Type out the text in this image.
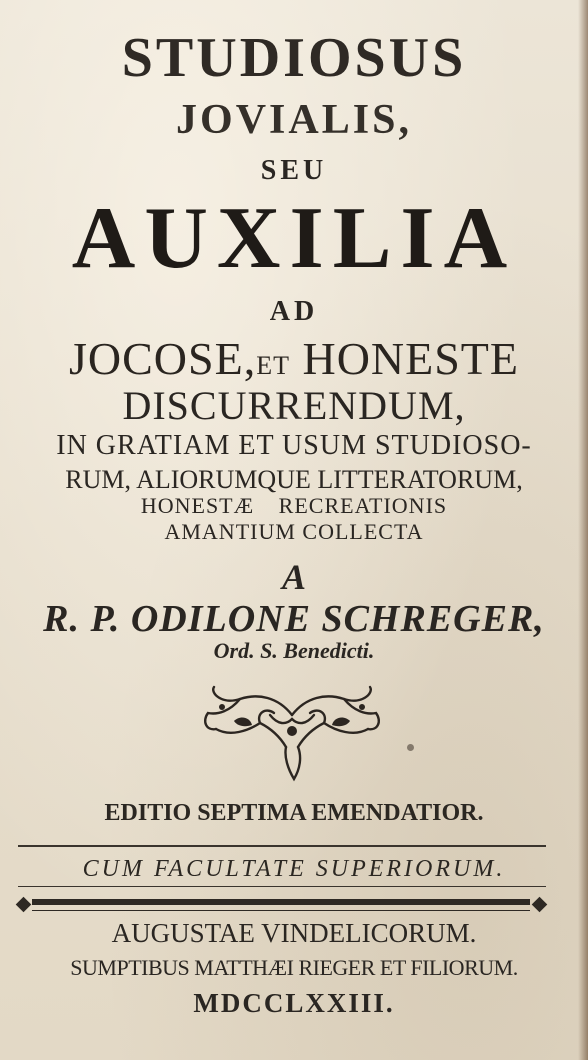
STUDIOSUS
JOVIALIS,
SEU
AUXILIA
AD
JOCOSE,ET HONESTE
DISCURRENDUM,
IN GRATIAM ET USUM STUDIOSO-
RUM, ALIORUMQUE LITTERATORUM,
HONESTÆ RECREATIONIS
AMANTIUM COLLECTA
A
R. P. ODILONE SCHREGER,
Ord. S. Benedicti.
EDITIO SEPTIMA EMENDATIOR.
CUM FACULTATE SUPERIORUM.
AUGUSTAE VINDELICORUM.
SUMPTIBUS MATTHÆI RIEGER ET FILIORUM.
MDCCLXXIII.
